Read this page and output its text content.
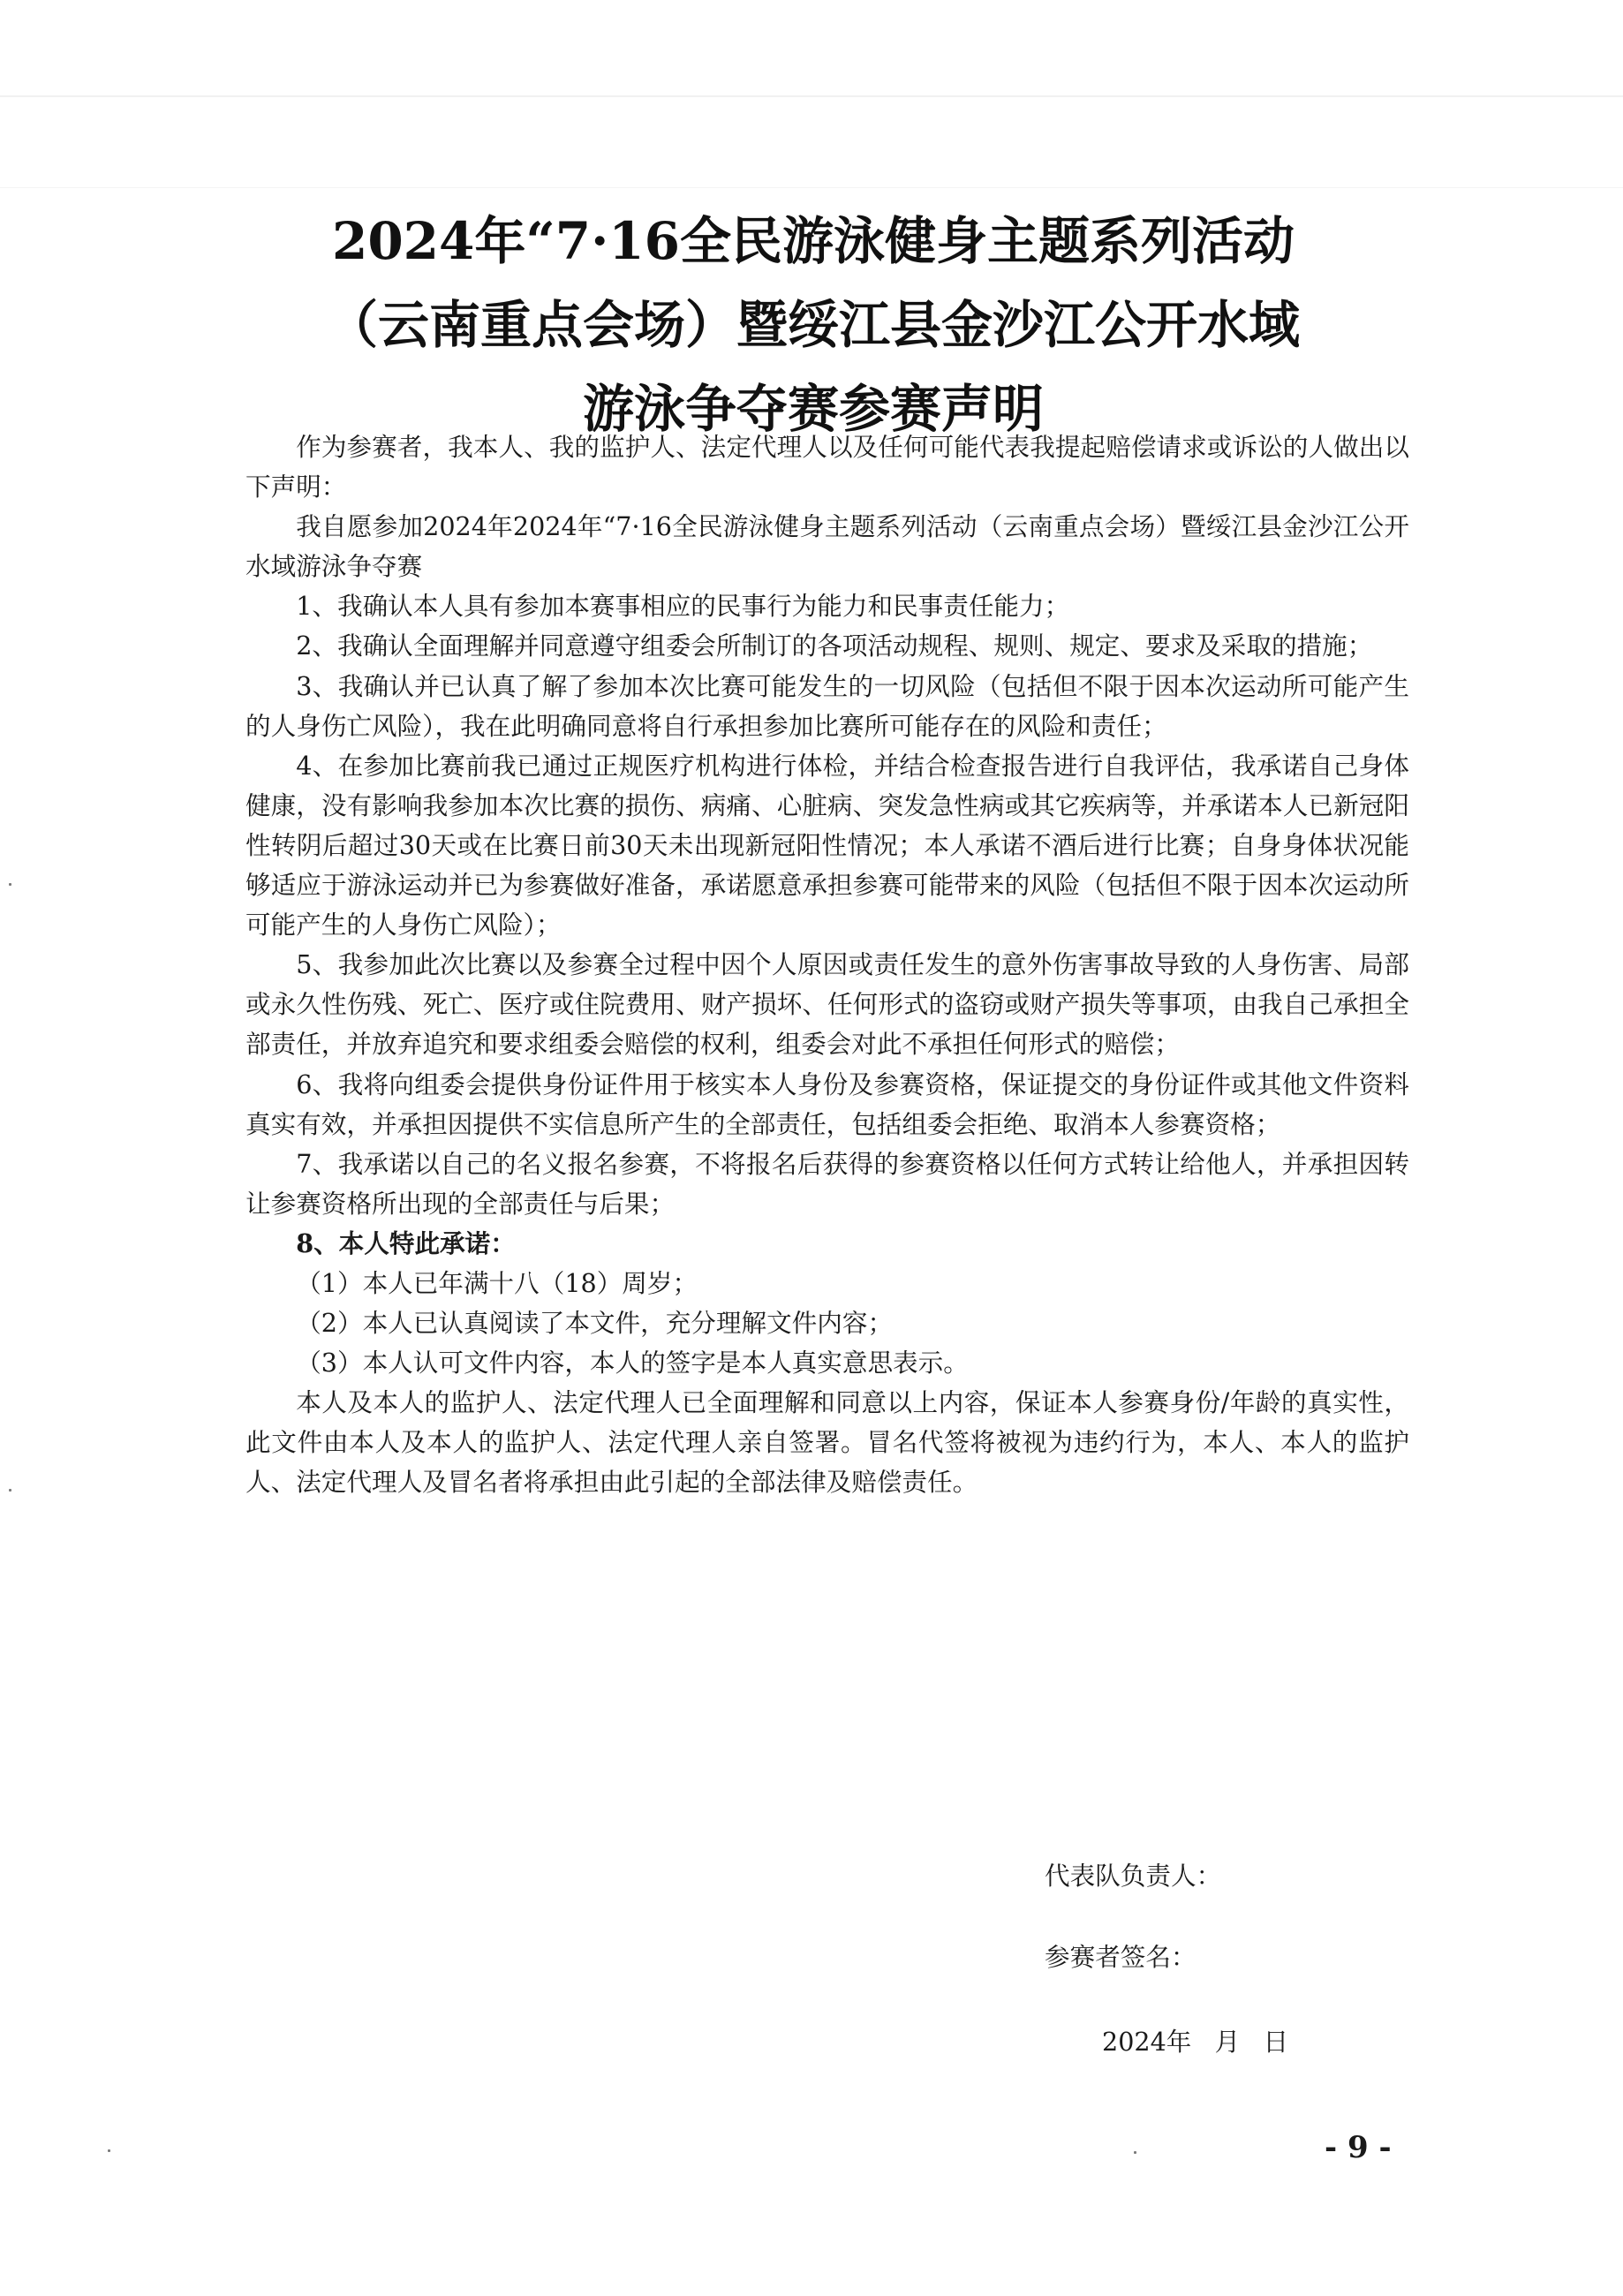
2024年“7·16全民游泳健身主题系列活动
（云南重点会场）暨绥江县金沙江公开水域
游泳争夺赛参赛声明

作为参赛者，我本人、我的监护人、法定代理人以及任何可能代表我提起赔偿请求或诉讼的人做出以下声明：

我自愿参加2024年2024年“7·16全民游泳健身主题系列活动（云南重点会场）暨绥江县金沙江公开水域游泳争夺赛

1、我确认本人具有参加本赛事相应的民事行为能力和民事责任能力；

2、我确认全面理解并同意遵守组委会所制订的各项活动规程、规则、规定、要求及采取的措施；

3、我确认并已认真了解了参加本次比赛可能发生的一切风险（包括但不限于因本次运动所可能产生的人身伤亡风险），我在此明确同意将自行承担参加比赛所可能存在的风险和责任；

4、在参加比赛前我已通过正规医疗机构进行体检，并结合检查报告进行自我评估，我承诺自己身体健康，没有影响我参加本次比赛的损伤、病痛、心脏病、突发急性病或其它疾病等，并承诺本人已新冠阳性转阴后超过30天或在比赛日前30天未出现新冠阳性情况；本人承诺不酒后进行比赛；自身身体状况能够适应于游泳运动并已为参赛做好准备，承诺愿意承担参赛可能带来的风险（包括但不限于因本次运动所可能产生的人身伤亡风险）；

5、我参加此次比赛以及参赛全过程中因个人原因或责任发生的意外伤害事故导致的人身伤害、局部或永久性伤残、死亡、医疗或住院费用、财产损坏、任何形式的盗窃或财产损失等事项，由我自己承担全部责任，并放弃追究和要求组委会赔偿的权利，组委会对此不承担任何形式的赔偿；

6、我将向组委会提供身份证件用于核实本人身份及参赛资格，保证提交的身份证件或其他文件资料真实有效，并承担因提供不实信息所产生的全部责任，包括组委会拒绝、取消本人参赛资格；

7、我承诺以自己的名义报名参赛，不将报名后获得的参赛资格以任何方式转让给他人，并承担因转让参赛资格所出现的全部责任与后果；

8、本人特此承诺：

（1）本人已年满十八（18）周岁；

（2）本人已认真阅读了本文件，充分理解文件内容；

（3）本人认可文件内容，本人的签字是本人真实意思表示。

本人及本人的监护人、法定代理人已全面理解和同意以上内容，保证本人参赛身份/年龄的真实性，此文件由本人及本人的监护人、法定代理人亲自签署。冒名代签将被视为违约行为，本人、本人的监护人、法定代理人及冒名者将承担由此引起的全部法律及赔偿责任。

代表队负责人：
参赛者签名：
2024年 月 日
- 9 -
